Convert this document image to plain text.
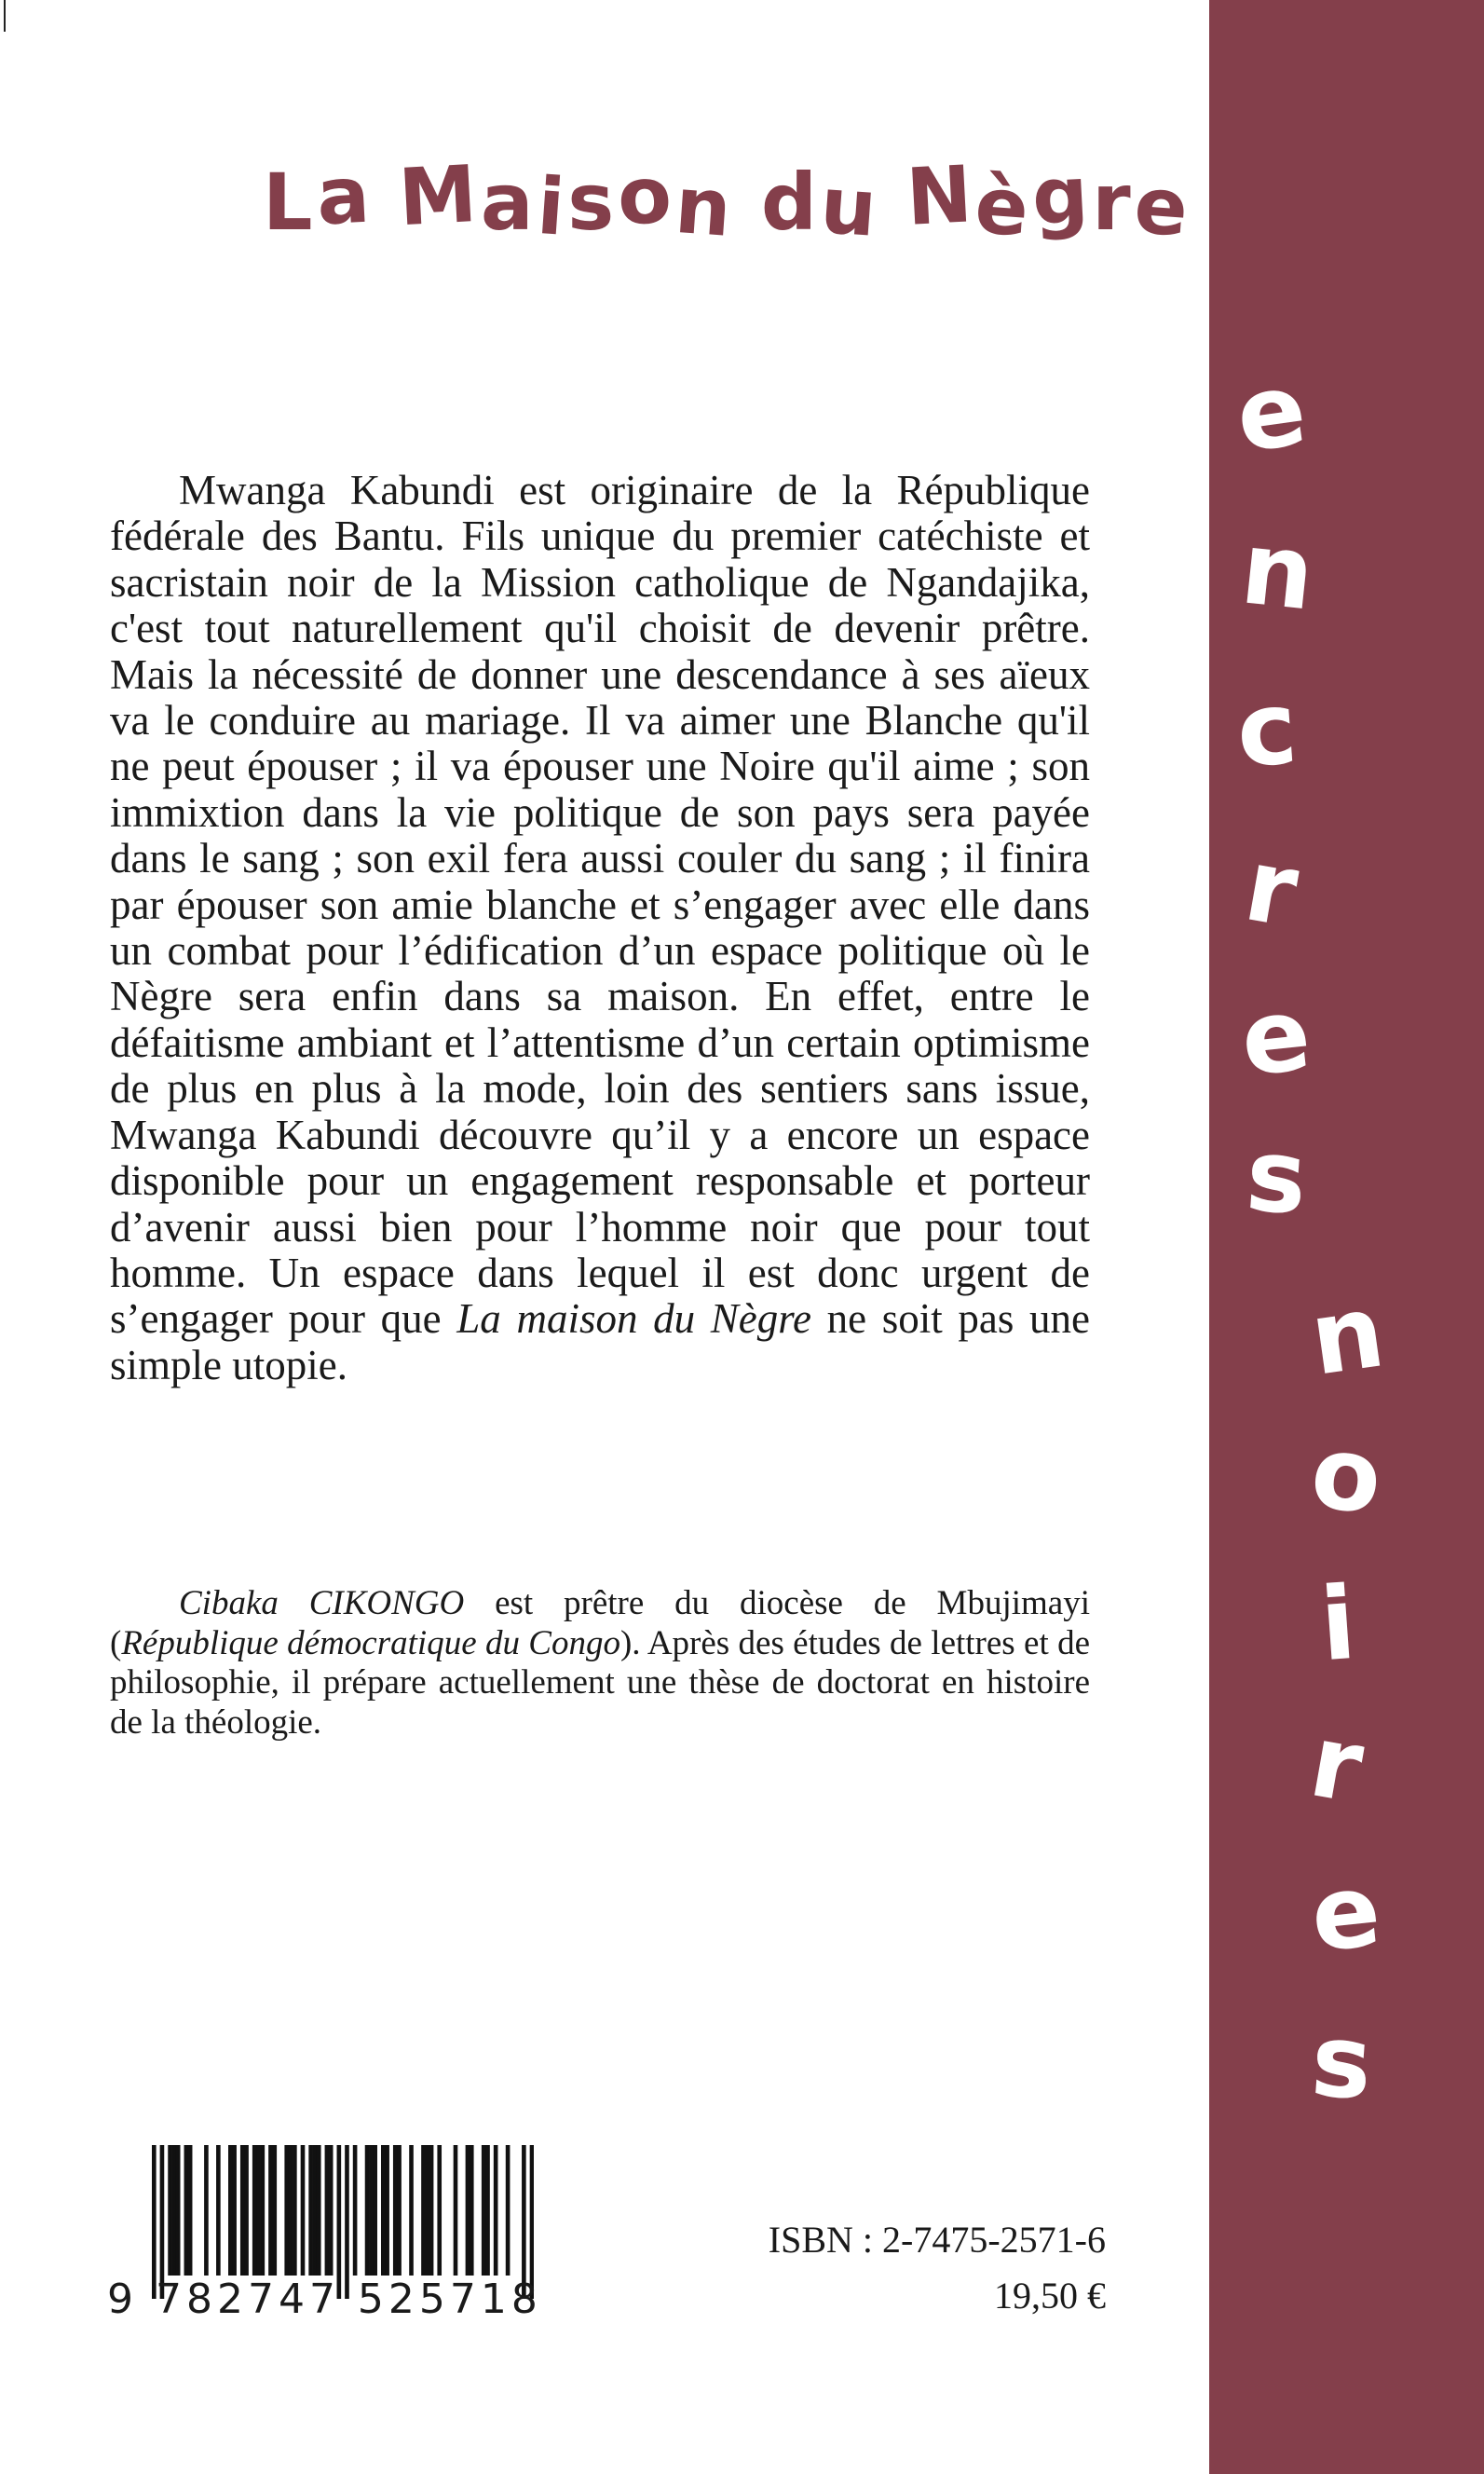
La Maison du Nègre

Mwanga Kabundi est originaire de la République fédérale des Bantu. Fils unique du premier catéchiste et sacristain noir de la Mission catholique de Ngandajika, c'est tout naturellement qu'il choisit de devenir prêtre. Mais la nécessité de donner une descendance à ses aïeux va le conduire au mariage. Il va aimer une Blanche qu'il ne peut épouser ; il va épouser une Noire qu'il aime ; son immixtion dans la vie politique de son pays sera payée dans le sang ; son exil fera aussi couler du sang ; il finira par épouser son amie blanche et s’engager avec elle dans un combat pour l’édification d’un espace politique où le Nègre sera enfin dans sa maison. En effet, entre le défaitisme ambiant et l’attentisme d’un certain optimisme de plus en plus à la mode, loin des sentiers sans issue, Mwanga Kabundi découvre qu’il y a encore un espace disponible pour un engagement responsable et porteur d’avenir aussi bien pour l’homme noir que pour tout homme. Un espace dans lequel il est donc urgent de s’engager pour que La maison du Nègre ne soit pas une simple utopie.

Cibaka CIKONGO est prêtre du diocèse de Mbujimayi (République démocratique du Congo). Après des études de lettres et de philosophie, il prépare actuellement une thèse de doctorat en histoire de la théologie.

e
n
c
r
e
s
n
o
i
r
e
s
9 782747 525718

ISBN : 2-7475-2571-6

19,50 €
